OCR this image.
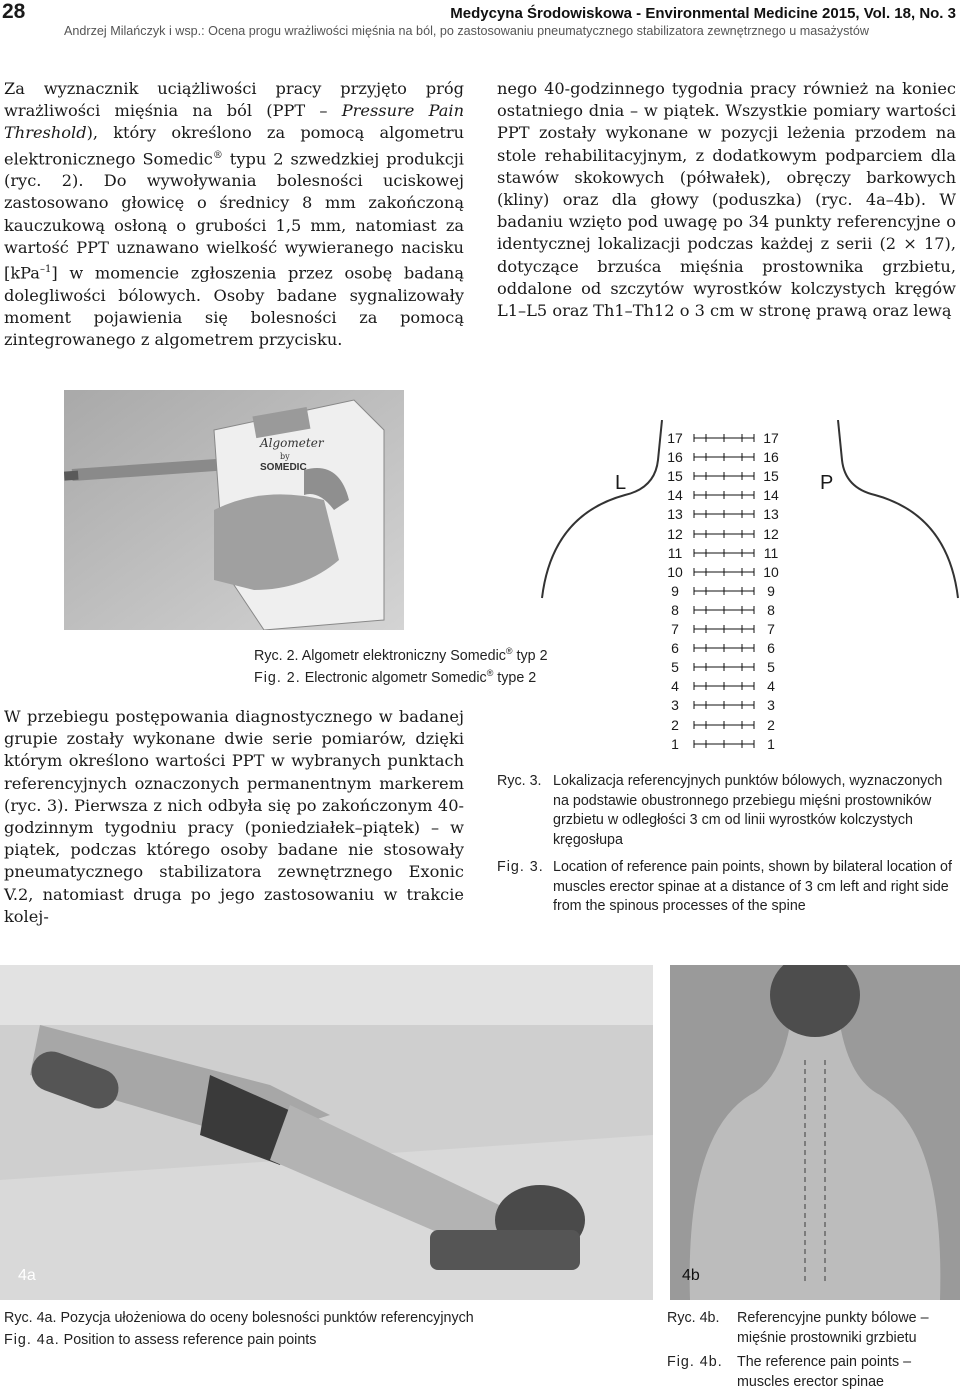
28	Medycyna Środowiskowa - Environmental Medicine 2015, Vol. 18, No. 3
Andrzej Milańczyk i wsp.: Ocena progu wrażliwości mięśnia na ból, po zastosowaniu pneumatycznego stabilizatora zewnętrznego u masażystów
Za wyznacznik uciążliwości pracy przyjęto próg wrażliwości mięśnia na ból (PPT – Pressure Pain Threshold), który określono za pomocą algometru elektronicznego Somedic® typu 2 szwedzkiej produkcji (ryc. 2). Do wywoływania bolesności uciskowej zastosowano głowicę o średnicy 8 mm zakończoną kauczukową osłoną o grubości 1,5 mm, natomiast za wartość PPT uznawano wielkość wywieranego nacisku [kPa$^{-1}$] w momencie zgłoszenia przez osobę badaną dolegliwości bólowych. Osoby badane sygnalizowały moment pojawienia się bolesności za pomocą zintegrowanego z algometrem przycisku.
nego 40-godzinnego tygodnia pracy również na koniec ostatniego dnia – w piątek. Wszystkie pomiary wartości PPT zostały wykonane w pozycji leżenia przodem na stole rehabilitacyjnym, z dodatkowym podparciem dla stawów skokowych (półwałek), obręczy barkowych (kliny) oraz dla głowy (poduszka) (ryc. 4a–4b). W badaniu wzięto pod uwagę po 34 punkty referencyjne o identycznej lokalizacji podczas każdej z serii (2 × 17), dotyczące brzuśca mięśnia prostownika grzbietu, oddalone od szczytów wyrostków kolczystych kręgów L1–L5 oraz Th1–Th12 o 3 cm w stronę prawą oraz lewą
Algometer
by
SOMEDIC
Ryc. 2. Algometr elektroniczny Somedic® typ 2
Fig. 2. Electronic algometr Somedic® type 2
W przebiegu postępowania diagnostycznego w badanej grupie zostały wykonane dwie serie pomiarów, dzięki którym określono wartości PPT w wybranych punktach referencyjnych oznaczonych permanentnym markerem (ryc. 3). Pierwsza z nich odbyła się po zakończonym 40-godzinnym tygodniu pracy (poniedziałek–piątek) – w piątek, podczas którego osoby badane nie stosowały pneumatycznego stabilizatora zewnętrznego Exonic V.2, natomiast druga po jego zastosowaniu w trakcie kolej-
L	P
17	17
16	16
15	15
14	14
13	13
12	12
11	11
10	10
9	9
8	8
7	7
6	6
5	5
4	4
3	3
2	2
1	1
Ryc. 3. Lokalizacja referencyjnych punktów bólowych, wyznaczonych na podstawie obustronnego przebiegu mięśni prostowników grzbietu w odległości 3 cm od linii wyrostków kolczystych kręgosłupa
Fig. 3. Location of reference pain points, shown by bilateral location of muscles erector spinae at a distance of 3 cm left and right side from the spinous processes of the spine
4a	4b
Ryc. 4a. Pozycja ułożeniowa do oceny bolesności punktów referencyjnych
Fig. 4a. Position to assess reference pain points
Ryc. 4b. Referencyjne punkty bólowe – mięśnie prostowniki grzbietu
Fig. 4b. The reference pain points – muscles erector spinae
